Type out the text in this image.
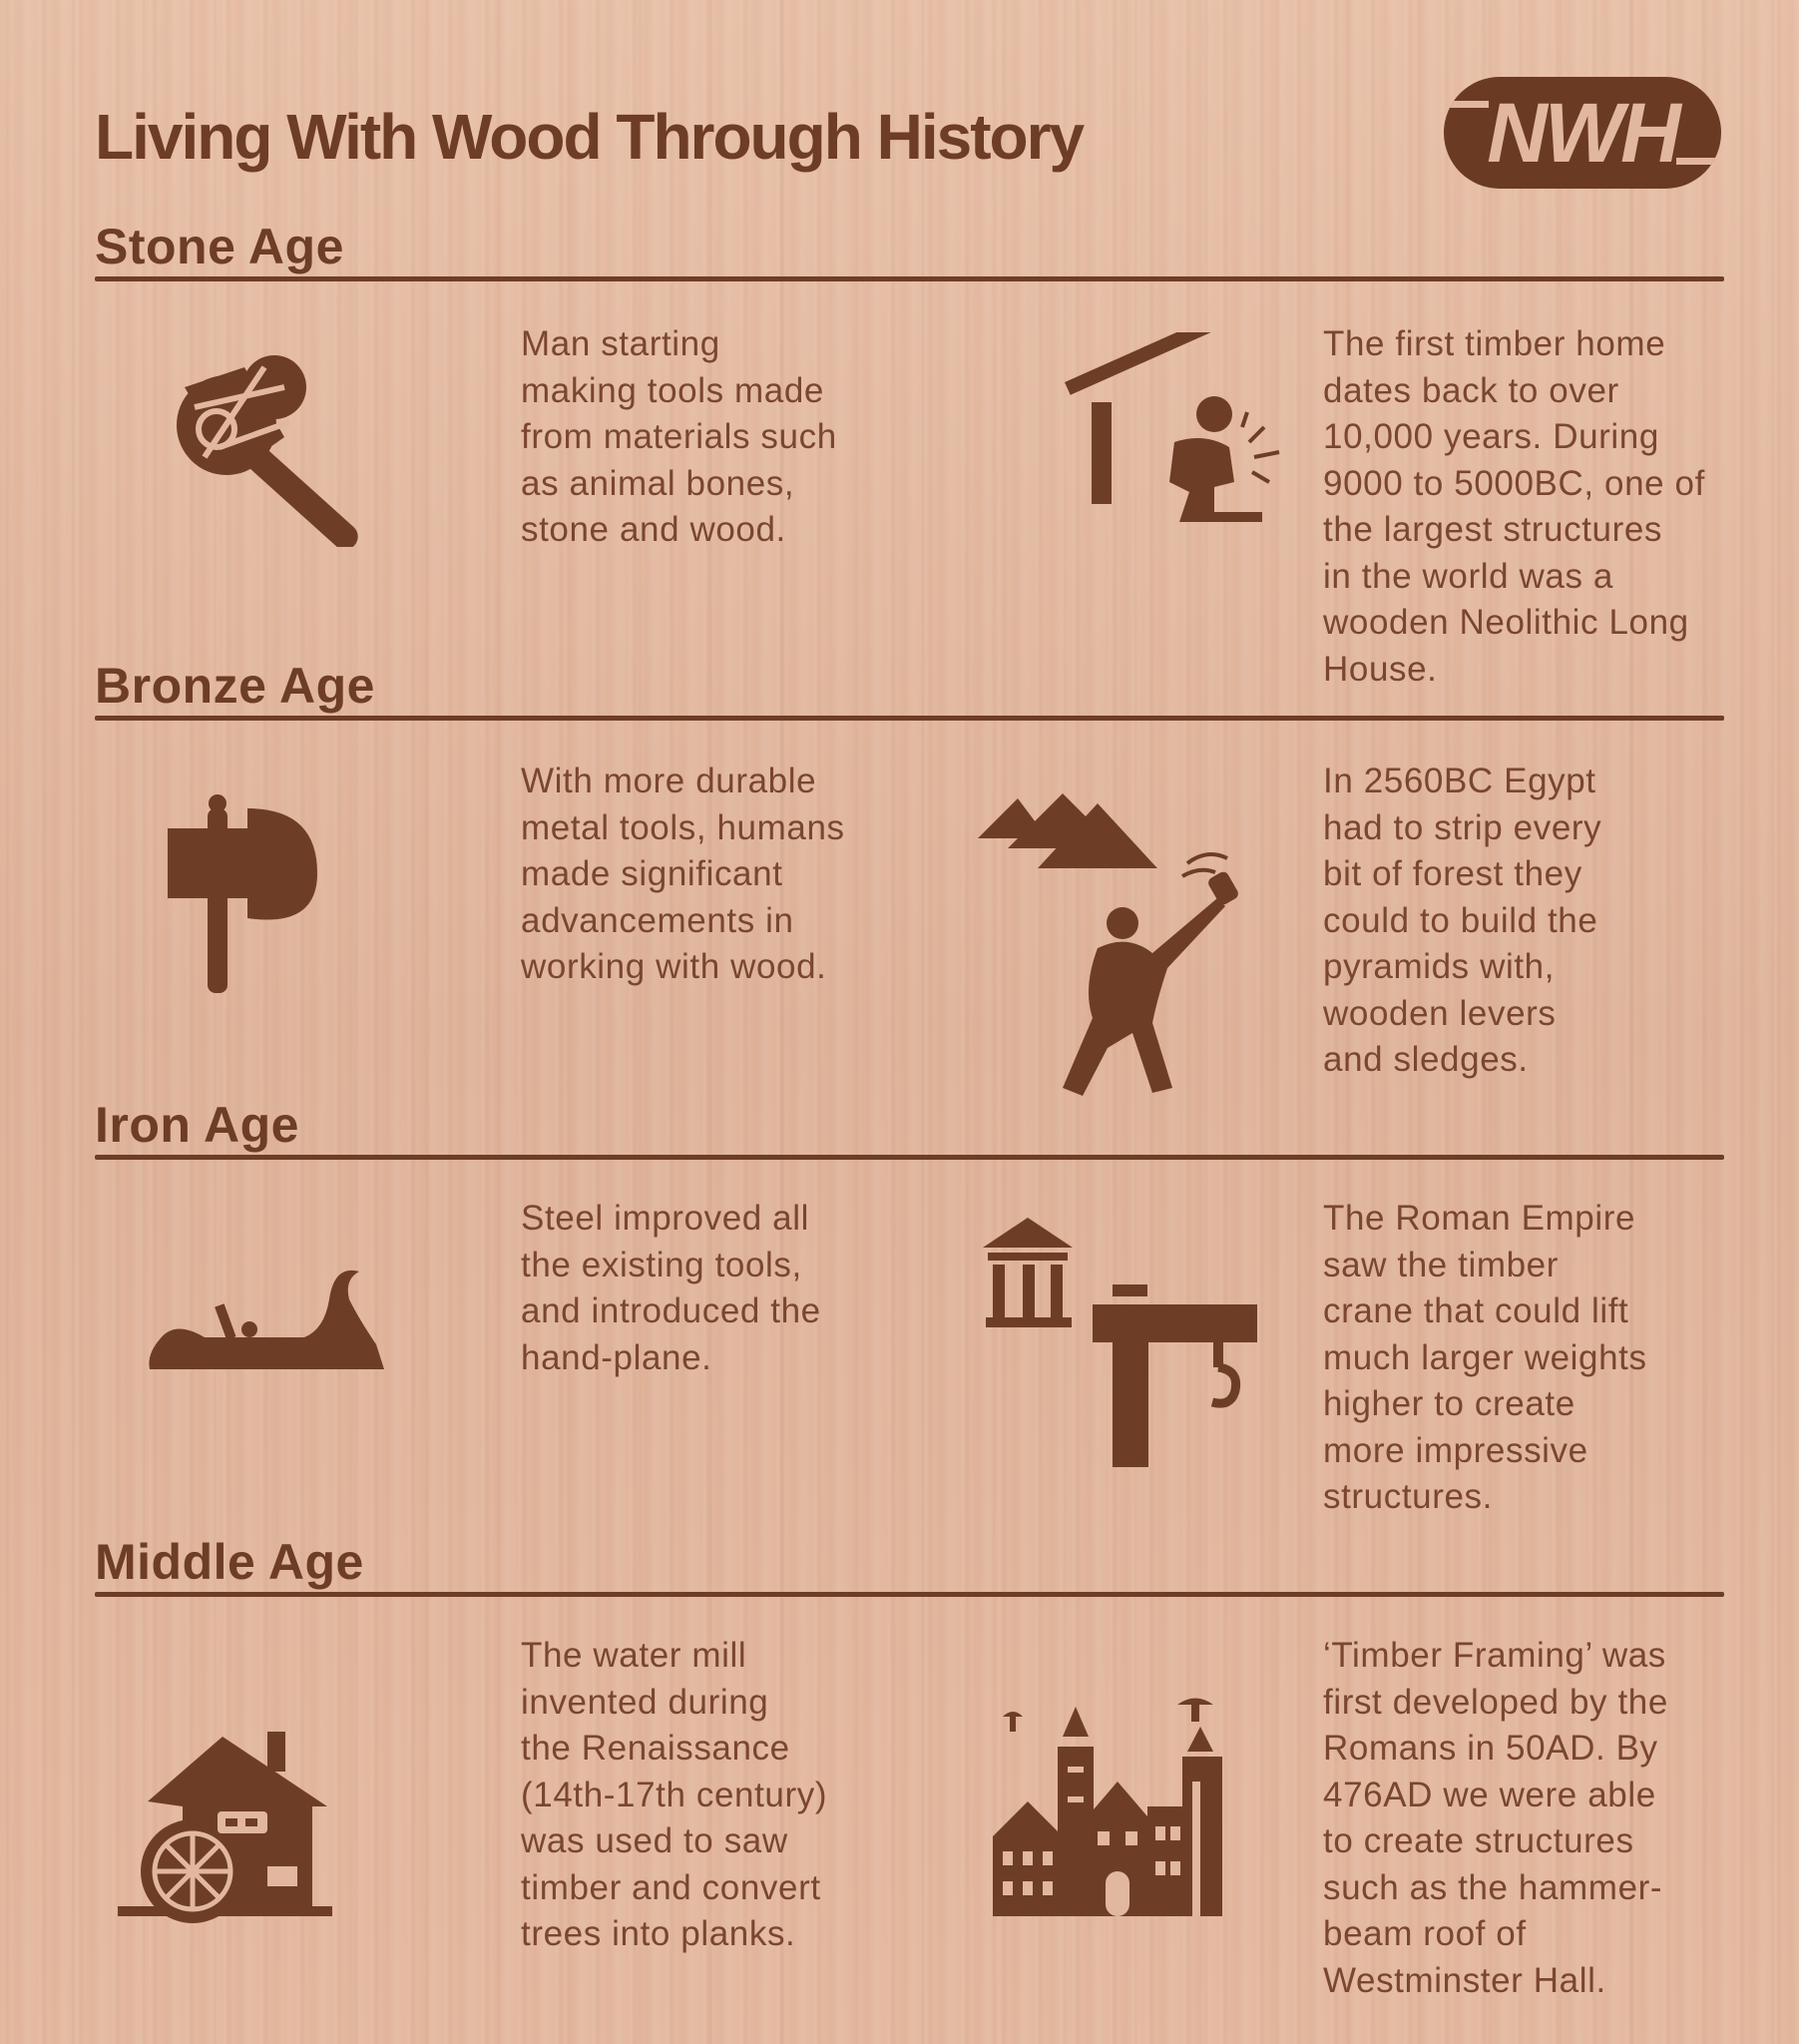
Living With Wood Through History	NWH
Stone Age

Man starting
making tools made
from materials such
as animal bones,
stone and wood.

The first timber home
dates back to over
10,000 years. During
9000 to 5000BC, one of
the largest structures
in the world was a
wooden Neolithic Long
House.

Bronze Age

With more durable
metal tools, humans
made significant
advancements in
working with wood.

In 2560BC Egypt
had to strip every
bit of forest they
could to build the
pyramids with,
wooden levers
and sledges.

Iron Age

Steel improved all
the existing tools,
and introduced the
hand-plane.

The Roman Empire
saw the timber
crane that could lift
much larger weights
higher to create
more impressive
structures.

Middle Age

The water mill
invented during
the Renaissance
(14th-17th century)
was used to saw
timber and convert
trees into planks.

‘Timber Framing’ was
first developed by the
Romans in 50AD. By
476AD we were able
to create structures
such as the hammer-
beam roof of
Westminster Hall.
